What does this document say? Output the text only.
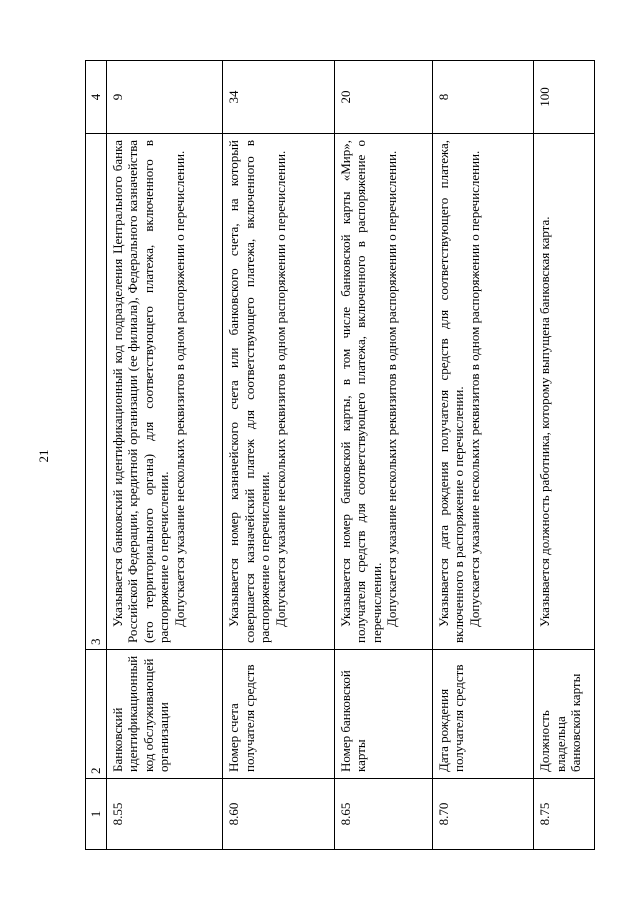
21
1	2	3	4
8.55	Банковский идентификационный код обслуживающей организации	Указывается банковский идентификационный код подразделения Центрального банка Российской Федерации, кредитной организации (ее филиала), Федерального казначейства (его территориального органа) для соответствующего платежа, включенного в распоряжение о перечислении. Допускается указание нескольких реквизитов в одном распоряжении о перечислении.	9
8.60	Номер счета получателя средств	Указывается номер казначейского счета или банковского счета, на который совершается казначейский платеж для соответствующего платежа, включенного в распоряжение о перечислении. Допускается указание нескольких реквизитов в одном распоряжении о перечислении.	34
8.65	Номер банковской карты	Указывается номер банковской карты, в том числе банковской карты «Мир», получателя средств для соответствующего платежа, включенного в распоряжение о перечислении. Допускается указание нескольких реквизитов в одном распоряжении о перечислении.	20
8.70	Дата рождения получателя средств	Указывается дата рождения получателя средств для соответствующего платежа, включенного в распоряжение о перечислении. Допускается указание нескольких реквизитов в одном распоряжении о перечислении.	8
8.75	Должность владельца банковской карты	Указывается должность работника, которому выпущена банковская карта.	100
